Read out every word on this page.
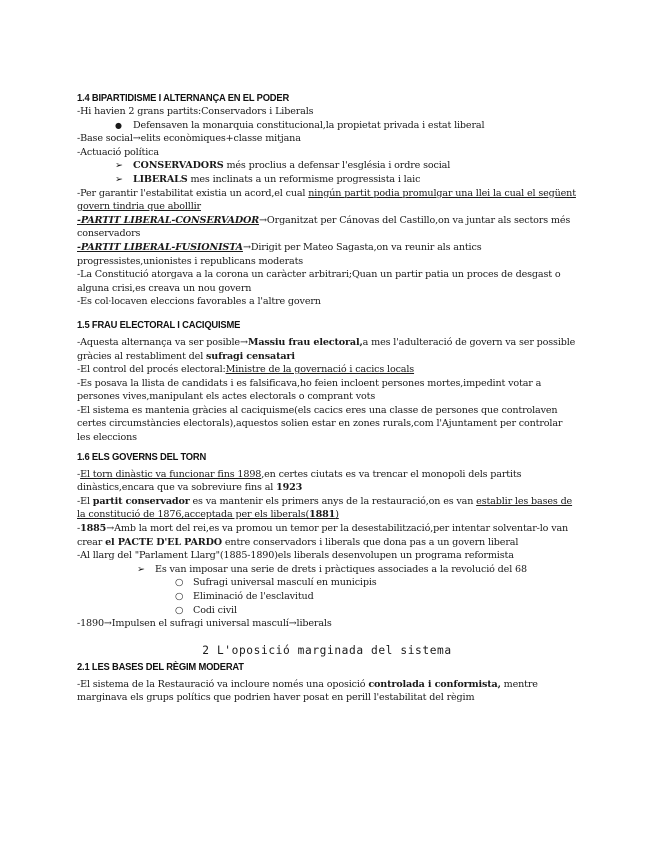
1.4 BIPARTIDISME I ALTERNANÇA EN EL PODER
-Hi havien 2 grans partits:Conservadors i Liberals
● Defensaven la monarquia constitucional,la propietat privada i estat liberal
-Base social→elits econòmiques+classe mitjana
-Actuació política
➢ CONSERVADORS més proclius a defensar l'església i ordre social
➢ LIBERALS mes inclinats a un reformisme progressista i laic
-Per garantir l'estabilitat existia un acord,el cual ningún partit podia promulgar una llei la cual el següent govern tindria que abolllir
-PARTIT LIBERAL-CONSERVADOR→Organitzat per Cánovas del Castillo,on va juntar als sectors més conservadors
-PARTIT LIBERAL-FUSIONISTA→Dirigit per Mateo Sagasta,on va reunir als antics progressistes,unionistes i republicans moderats
-La Constitució atorgava a la corona un caràcter arbitrari;Quan un partir patia un proces de desgast o alguna crisi,es creava un nou govern
-Es col·locaven eleccions favorables a l'altre govern
1.5 FRAU ELECTORAL I CACIQUISME
-Aquesta alternança va ser posible→Massiu frau electoral,a mes l'adulteració de govern va ser possible gràcies al restabliment del sufragi censatari
-El control del procés electoral:Ministre de la governació i cacics locals
-Es posava la llista de candidats i es falsificava,ho feien incloent persones mortes,impedint votar a persones vives,manipulant els actes electorals o comprant vots
-El sistema es mantenia gràcies al caciquisme(els cacics eres una classe de persones que controlaven certes circumstàncies electorals),aquestos solien estar en zones rurals,com l'Ajuntament per controlar les eleccions
1.6 ELS GOVERNS DEL TORN
-El torn dinàstic va funcionar fins 1898,en certes ciutats es va trencar el monopoli dels partits dinàstics,encara que va sobreviure fins al 1923
-El partit conservador es va mantenir els primers anys de la restauració,on es van establir les bases de la constitució de 1876,acceptada per els liberals(1881)
-1885→Amb la mort del rei,es va promou un temor per la desestabilització,per intentar solventar-lo van crear el PACTE D'EL PARDO entre conservadors i liberals que dona pas a un govern liberal
-Al llarg del "Parlament Llarg"(1885-1890)els liberals desenvolupen un programa reformista
➢ Es van imposar una serie de drets i pràctiques associades a la revolució del 68
○ Sufragi universal masculí en municipis
○ Eliminació de l'esclavitud
○ Codi civil
-1890→Impulsen el sufragi universal masculí→liberals
2 L'oposició marginada del sistema
2.1 LES BASES DEL RÈGIM MODERAT
-El sistema de la Restauració va incloure només una oposició controlada i conformista, mentre marginava els grups polítics que podrien haver posat en perill l'estabilitat del règim
